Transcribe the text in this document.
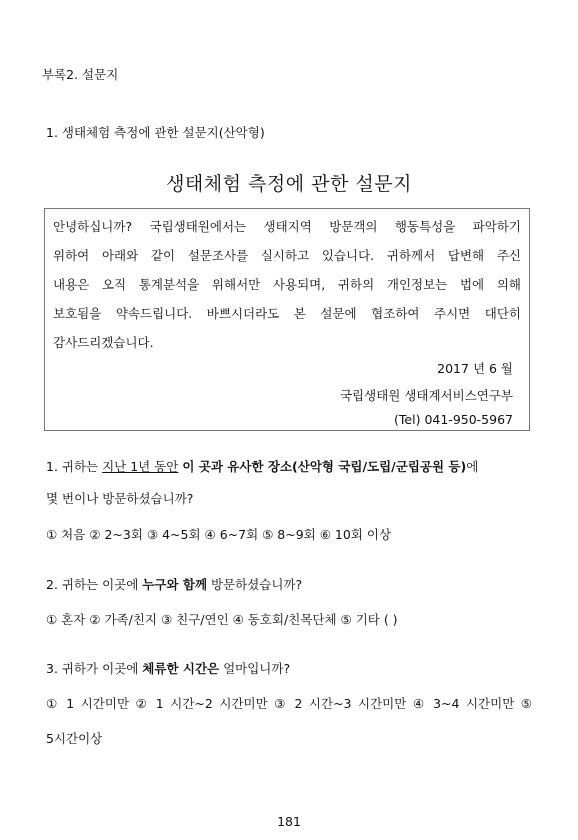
부록2. 설문지
1. 생태체험 측정에 관한 설문지(산악형)
생태체험 측정에 관한 설문지
안녕하십니까? 국립생태원에서는 생태지역 방문객의 행동특성을 파악하기
위하여 아래와 같이 설문조사를 실시하고 있습니다. 귀하께서 답변해 주신
내용은 오직 통계분석을 위해서만 사용되며, 귀하의 개인정보는 법에 의해
보호됨을 약속드립니다. 바쁘시더라도 본 설문에 협조하여 주시면 대단히
감사드리겠습니다.
2017 년 6 월
국립생태원 생태계서비스연구부
(Tel) 041-950-5967
1. 귀하는 지난 1년 동안 이 곳과 유사한 장소(산악형 국립/도립/군립공원 등)에
몇 번이나 방문하셨습니까?
① 처음 ② 2~3회 ③ 4~5회 ④ 6~7회 ⑤ 8~9회 ⑥ 10회 이상
2. 귀하는 이곳에 누구와 함께 방문하셨습니까?
① 혼자 ② 가족/친지 ③ 친구/연인 ④ 동호회/친목단체 ⑤ 기타 ( )
3. 귀하가 이곳에 체류한 시간은 얼마입니까?
① 1 시간미만 ② 1 시간~2 시간미만 ③ 2 시간~3 시간미만 ④ 3~4 시간미만 ⑤
5시간이상
181
